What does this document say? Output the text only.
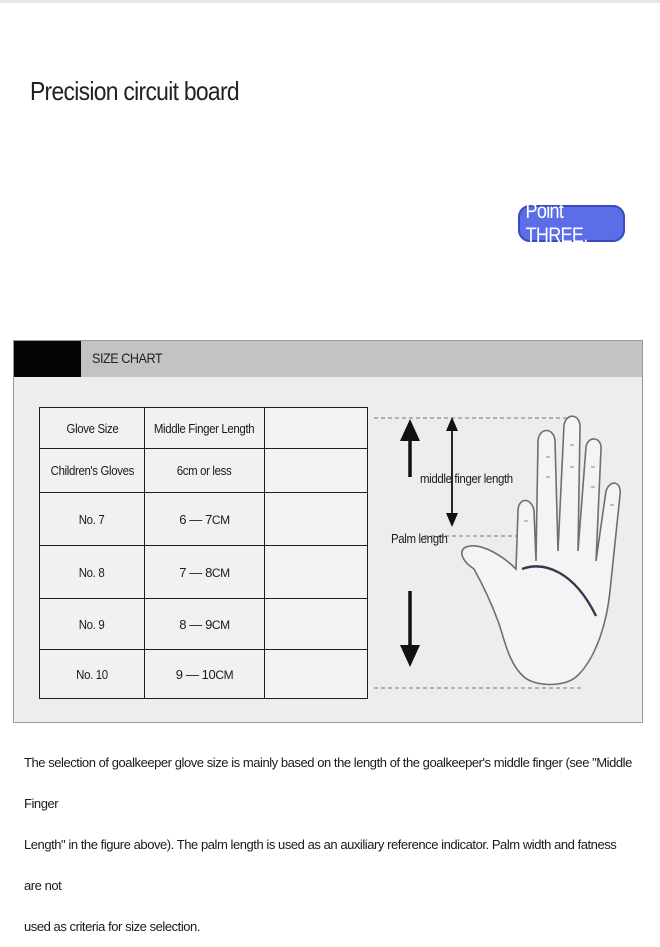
Precision circuit board
Point THREE.
SIZE CHART
Glove Size	Middle Finger Length	
Children's Gloves	6cm or less	
No. 7	6 — 7CM	
No. 8	7 — 8CM	
No. 9	8 — 9CM	
No. 10	9 — 10CM	
middle finger length
Palm length

The selection of goalkeeper glove size is mainly based on the length of the goalkeeper's middle finger (see "Middle Finger

Length" in the figure above). The palm length is used as an auxiliary reference indicator. Palm width and fatness are not

used as criteria for size selection.
